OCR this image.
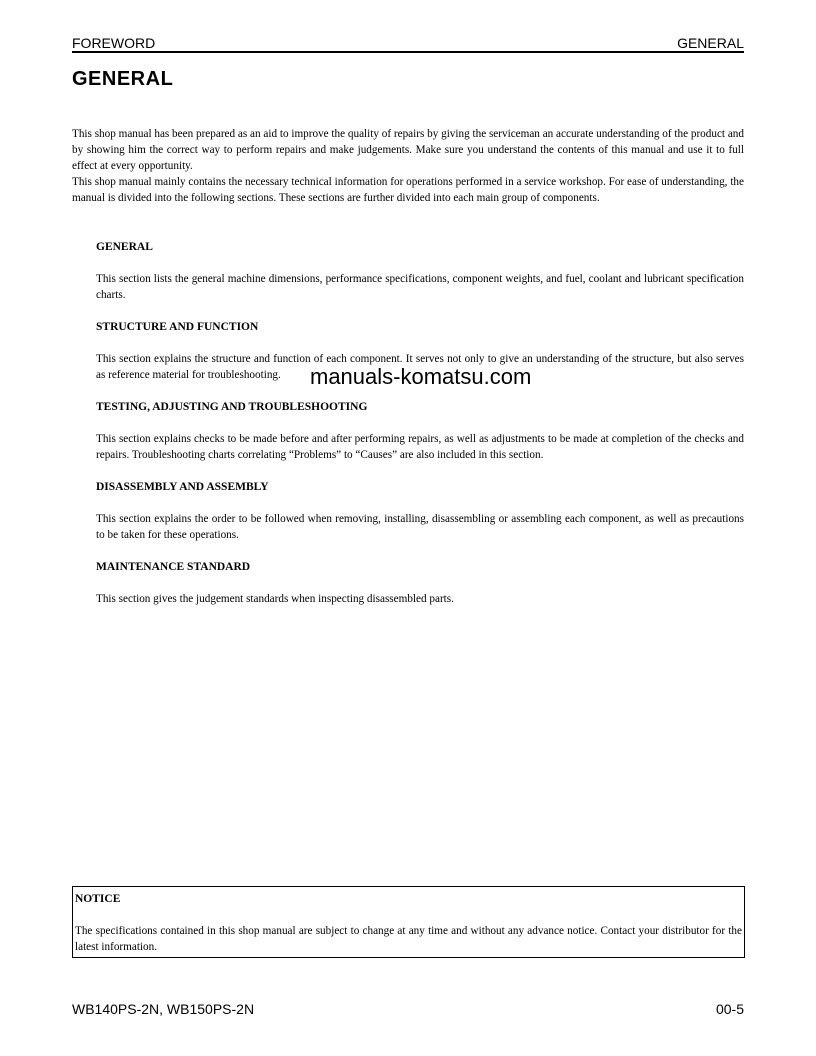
FOREWORD	GENERAL
GENERAL

This shop manual has been prepared as an aid to improve the quality of repairs by giving the serviceman an accurate understanding of the product and by showing him the correct way to perform repairs and make judgements. Make sure you understand the contents of this manual and use it to full effect at every opportunity.

This shop manual mainly contains the necessary technical information for operations performed in a service workshop. For ease of understanding, the manual is divided into the following sections. These sections are further divided into each main group of components.

GENERAL

This section lists the general machine dimensions, performance specifications, component weights, and fuel, coolant and lubricant specification charts.

STRUCTURE AND FUNCTION

This section explains the structure and function of each component. It serves not only to give an understanding of the structure, but also serves as reference material for troubleshooting.

TESTING, ADJUSTING AND TROUBLESHOOTING

This section explains checks to be made before and after performing repairs, as well as adjustments to be made at completion of the checks and repairs. Troubleshooting charts correlating “Problems” to “Causes” are also included in this section.

DISASSEMBLY AND ASSEMBLY

This section explains the order to be followed when removing, installing, disassembling or assembling each component, as well as precautions to be taken for these operations.

MAINTENANCE STANDARD

This section gives the judgement standards when inspecting disassembled parts.

manuals-komatsu.com
NOTICE

The specifications contained in this shop manual are subject to change at any time and without any advance notice. Contact your distributor for the latest information.

WB140PS-2N, WB150PS-2N	00-5
